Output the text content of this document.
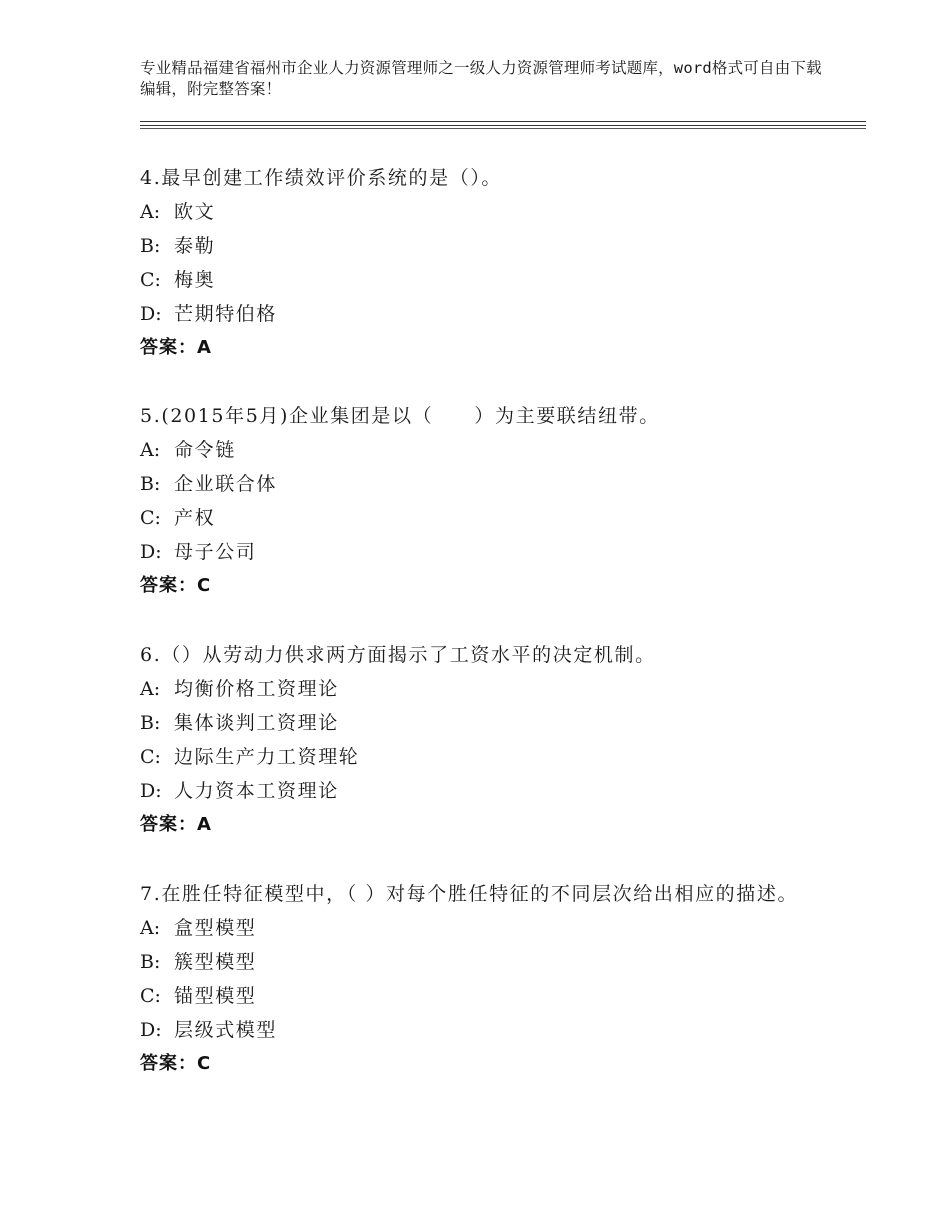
专业精品福建省福州市企业人力资源管理师之一级人力资源管理师考试题库，word格式可自由下载编辑，附完整答案！

4.最早创建工作绩效评价系统的是（）。

A: 欧文
B: 泰勒
C: 梅奥
D: 芒期特伯格
答案：A

5.(2015年5月)企业集团是以（　　）为主要联结纽带。

A: 命令链
B: 企业联合体
C: 产权
D: 母子公司
答案：C

6.（）从劳动力供求两方面揭示了工资水平的决定机制。

A: 均衡价格工资理论
B: 集体谈判工资理论
C: 边际生产力工资理轮
D: 人力资本工资理论
答案：A

7.在胜任特征模型中，（ ）对每个胜任特征的不同层次给出相应的描述。

A: 盒型模型
B: 簇型模型
C: 锚型模型
D: 层级式模型
答案：C
